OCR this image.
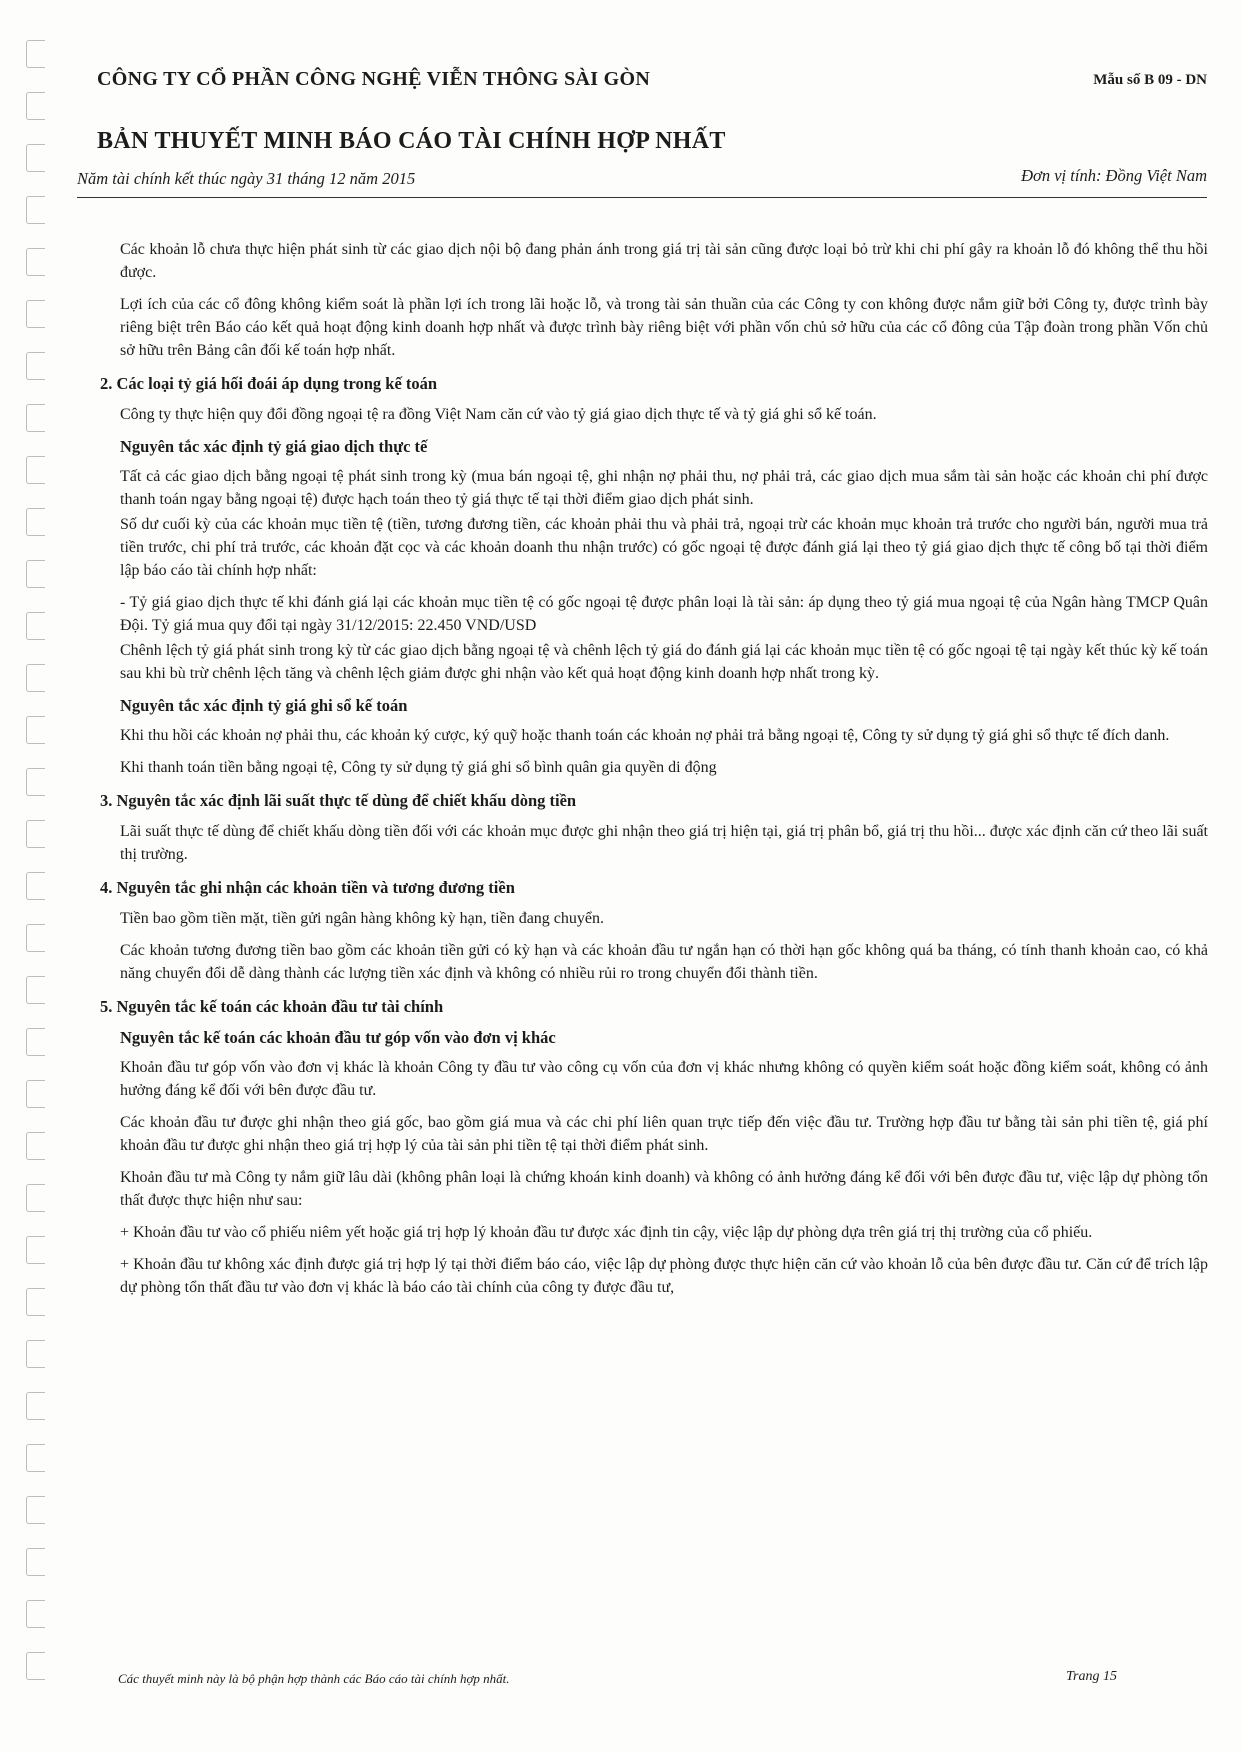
CÔNG TY CỔ PHẦN CÔNG NGHỆ VIỄN THÔNG SÀI GÒN	Mẫu số B 09 - DN
BẢN THUYẾT MINH BÁO CÁO TÀI CHÍNH HỢP NHẤT
Năm tài chính kết thúc ngày 31 tháng 12 năm 2015	Đơn vị tính: Đồng Việt Nam

Các khoản lỗ chưa thực hiện phát sinh từ các giao dịch nội bộ đang phản ánh trong giá trị tài sản cũng được loại bỏ trừ khi chi phí gây ra khoản lỗ đó không thể thu hồi được.

Lợi ích của các cổ đông không kiểm soát là phần lợi ích trong lãi hoặc lỗ, và trong tài sản thuần của các Công ty con không được nắm giữ bởi Công ty, được trình bày riêng biệt trên Báo cáo kết quả hoạt động kinh doanh hợp nhất và được trình bày riêng biệt với phần vốn chủ sở hữu của các cổ đông của Tập đoàn trong phần Vốn chủ sở hữu trên Bảng cân đối kế toán hợp nhất.

2. Các loại tỷ giá hối đoái áp dụng trong kế toán

Công ty thực hiện quy đổi đồng ngoại tệ ra đồng Việt Nam căn cứ vào tỷ giá giao dịch thực tế và tỷ giá ghi sổ kế toán.

Nguyên tắc xác định tỷ giá giao dịch thực tế

Tất cả các giao dịch bằng ngoại tệ phát sinh trong kỳ (mua bán ngoại tệ, ghi nhận nợ phải thu, nợ phải trả, các giao dịch mua sắm tài sản hoặc các khoản chi phí được thanh toán ngay bằng ngoại tệ) được hạch toán theo tỷ giá thực tế tại thời điểm giao dịch phát sinh.

Số dư cuối kỳ của các khoản mục tiền tệ (tiền, tương đương tiền, các khoản phải thu và phải trả, ngoại trừ các khoản mục khoản trả trước cho người bán, người mua trả tiền trước, chi phí trả trước, các khoản đặt cọc và các khoản doanh thu nhận trước) có gốc ngoại tệ được đánh giá lại theo tỷ giá giao dịch thực tế công bố tại thời điểm lập báo cáo tài chính hợp nhất:

- Tỷ giá giao dịch thực tế khi đánh giá lại các khoản mục tiền tệ có gốc ngoại tệ được phân loại là tài sản: áp dụng theo tỷ giá mua ngoại tệ của Ngân hàng TMCP Quân Đội. Tỷ giá mua quy đổi tại ngày 31/12/2015: 22.450 VND/USD

Chênh lệch tỷ giá phát sinh trong kỳ từ các giao dịch bằng ngoại tệ và chênh lệch tỷ giá do đánh giá lại các khoản mục tiền tệ có gốc ngoại tệ tại ngày kết thúc kỳ kế toán sau khi bù trừ chênh lệch tăng và chênh lệch giảm được ghi nhận vào kết quả hoạt động kinh doanh hợp nhất trong kỳ.

Nguyên tắc xác định tỷ giá ghi sổ kế toán

Khi thu hồi các khoản nợ phải thu, các khoản ký cược, ký quỹ hoặc thanh toán các khoản nợ phải trả bằng ngoại tệ, Công ty sử dụng tỷ giá ghi sổ thực tế đích danh.

Khi thanh toán tiền bằng ngoại tệ, Công ty sử dụng tỷ giá ghi sổ bình quân gia quyền di động

3. Nguyên tắc xác định lãi suất thực tế dùng để chiết khấu dòng tiền

Lãi suất thực tế dùng để chiết khấu dòng tiền đối với các khoản mục được ghi nhận theo giá trị hiện tại, giá trị phân bổ, giá trị thu hồi... được xác định căn cứ theo lãi suất thị trường.

4. Nguyên tắc ghi nhận các khoản tiền và tương đương tiền

Tiền bao gồm tiền mặt, tiền gửi ngân hàng không kỳ hạn, tiền đang chuyển.

Các khoản tương đương tiền bao gồm các khoản tiền gửi có kỳ hạn và các khoản đầu tư ngắn hạn có thời hạn gốc không quá ba tháng, có tính thanh khoản cao, có khả năng chuyển đổi dễ dàng thành các lượng tiền xác định và không có nhiều rủi ro trong chuyển đổi thành tiền.

5. Nguyên tắc kế toán các khoản đầu tư tài chính
Nguyên tắc kế toán các khoản đầu tư góp vốn vào đơn vị khác

Khoản đầu tư góp vốn vào đơn vị khác là khoản Công ty đầu tư vào công cụ vốn của đơn vị khác nhưng không có quyền kiểm soát hoặc đồng kiểm soát, không có ảnh hưởng đáng kể đối với bên được đầu tư.

Các khoản đầu tư được ghi nhận theo giá gốc, bao gồm giá mua và các chi phí liên quan trực tiếp đến việc đầu tư. Trường hợp đầu tư bằng tài sản phi tiền tệ, giá phí khoản đầu tư được ghi nhận theo giá trị hợp lý của tài sản phi tiền tệ tại thời điểm phát sinh.

Khoản đầu tư mà Công ty nắm giữ lâu dài (không phân loại là chứng khoán kinh doanh) và không có ảnh hưởng đáng kể đối với bên được đầu tư, việc lập dự phòng tổn thất được thực hiện như sau:

+ Khoản đầu tư vào cổ phiếu niêm yết hoặc giá trị hợp lý khoản đầu tư được xác định tin cậy, việc lập dự phòng dựa trên giá trị thị trường của cổ phiếu.

+ Khoản đầu tư không xác định được giá trị hợp lý tại thời điểm báo cáo, việc lập dự phòng được thực hiện căn cứ vào khoản lỗ của bên được đầu tư. Căn cứ để trích lập dự phòng tổn thất đầu tư vào đơn vị khác là báo cáo tài chính của công ty được đầu tư,

Các thuyết minh này là bộ phận hợp thành các Báo cáo tài chính hợp nhất.	Trang 15
